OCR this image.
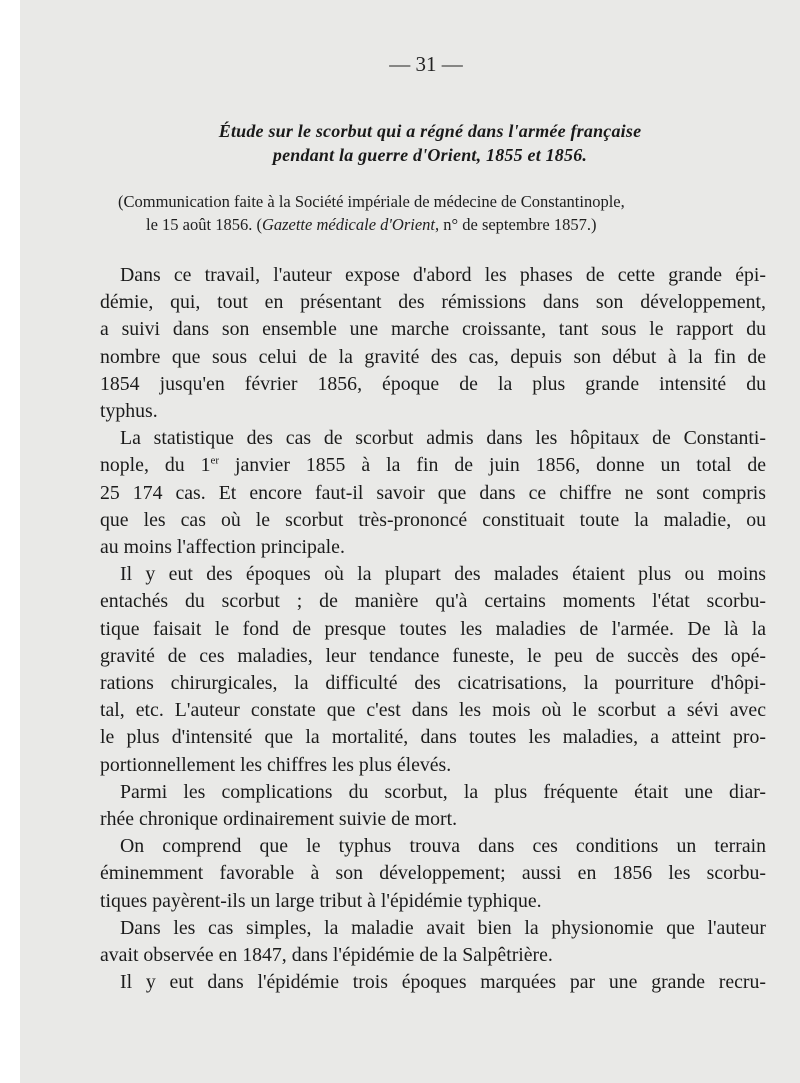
— 31 —
Étude sur le scorbut qui a régné dans l'armée française
pendant la guerre d'Orient, 1855 et 1856.
(Communication faite à la Société impériale de médecine de Constantinople,
le 15 août 1856. (Gazette médicale d'Orient, n° de septembre 1857.)
Dans ce travail, l'auteur expose d'abord les phases de cette grande épi-
démie, qui, tout en présentant des rémissions dans son développement,
a suivi dans son ensemble une marche croissante, tant sous le rapport du
nombre que sous celui de la gravité des cas, depuis son début à la fin de
1854 jusqu'en février 1856, époque de la plus grande intensité du
typhus.
La statistique des cas de scorbut admis dans les hôpitaux de Constanti-
nople, du 1er janvier 1855 à la fin de juin 1856, donne un total de
25 174 cas. Et encore faut-il savoir que dans ce chiffre ne sont compris
que les cas où le scorbut très-prononcé constituait toute la maladie, ou
au moins l'affection principale.
Il y eut des époques où la plupart des malades étaient plus ou moins
entachés du scorbut ; de manière qu'à certains moments l'état scorbu-
tique faisait le fond de presque toutes les maladies de l'armée. De là la
gravité de ces maladies, leur tendance funeste, le peu de succès des opé-
rations chirurgicales, la difficulté des cicatrisations, la pourriture d'hôpi-
tal, etc. L'auteur constate que c'est dans les mois où le scorbut a sévi avec
le plus d'intensité que la mortalité, dans toutes les maladies, a atteint pro-
portionnellement les chiffres les plus élevés.
Parmi les complications du scorbut, la plus fréquente était une diar-
rhée chronique ordinairement suivie de mort.
On comprend que le typhus trouva dans ces conditions un terrain
éminemment favorable à son développement; aussi en 1856 les scorbu-
tiques payèrent-ils un large tribut à l'épidémie typhique.
Dans les cas simples, la maladie avait bien la physionomie que l'auteur
avait observée en 1847, dans l'épidémie de la Salpêtrière.
Il y eut dans l'épidémie trois époques marquées par une grande recru-
